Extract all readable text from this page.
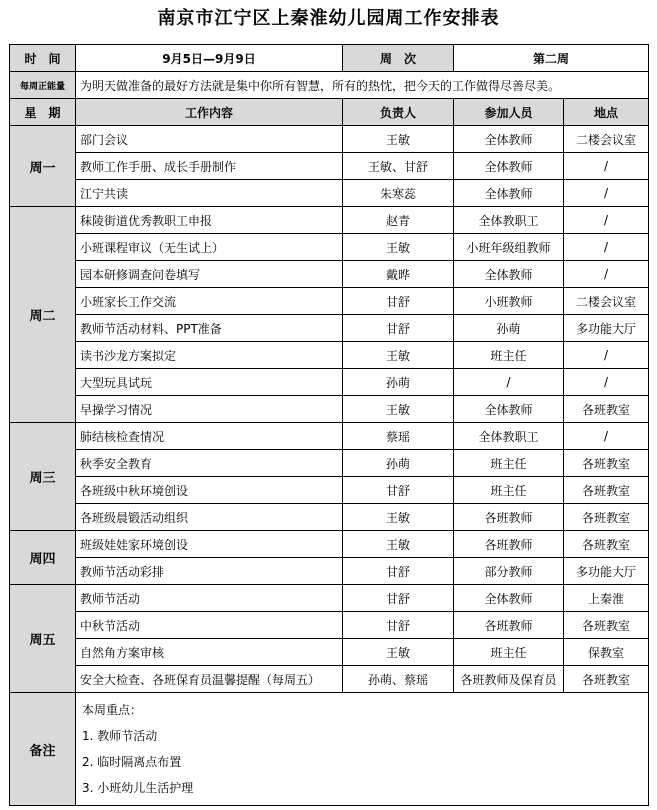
南京市江宁区上秦淮幼儿园周工作安排表
时　间	9月5日—9月9日	周　次	第二周	
每周正能量	为明天做准备的最好方法就是集中你所有智慧，所有的热忱，把今天的工作做得尽善尽美。			
星　期	工作内容	负责人	参加人员	地点
周一	部门会议	王敏	全体教师	二楼会议室
	教师工作手册、成长手册制作	王敏、甘舒	全体教师	/
	江宁共读	朱寒蕊	全体教师	/
周二	秣陵街道优秀教职工申报	赵青	全体教职工	/
	小班课程审议（无生试上）	王敏	小班年级组教师	/
	园本研修调查问卷填写	戴晔	全体教师	/
	小班家长工作交流	甘舒	小班教师	二楼会议室
	教师节活动材料、PPT准备	甘舒	孙萌	多功能大厅
	读书沙龙方案拟定	王敏	班主任	/
	大型玩具试玩	孙萌	/	/
	早操学习情况	王敏	全体教师	各班教室
周三	肺结核检查情况	蔡瑶	全体教职工	/
	秋季安全教育	孙萌	班主任	各班教室
	各班级中秋环境创设	甘舒	班主任	各班教室
	各班级晨锻活动组织	王敏	各班教师	各班教室
周四	班级娃娃家环境创设	王敏	各班教师	各班教室
	教师节活动彩排	甘舒	部分教师	多功能大厅
周五	教师节活动	甘舒	全体教师	上秦淮
	中秋节活动	甘舒	各班教师	各班教室
	自然角方案审核	王敏	班主任	保教室
	安全大检查、各班保育员温馨提醒（每周五）	孙萌、蔡瑶	各班教师及保育员	各班教室
备注	本周重点：
1. 教师节活动
2. 临时隔离点布置
3. 小班幼儿生活护理			
